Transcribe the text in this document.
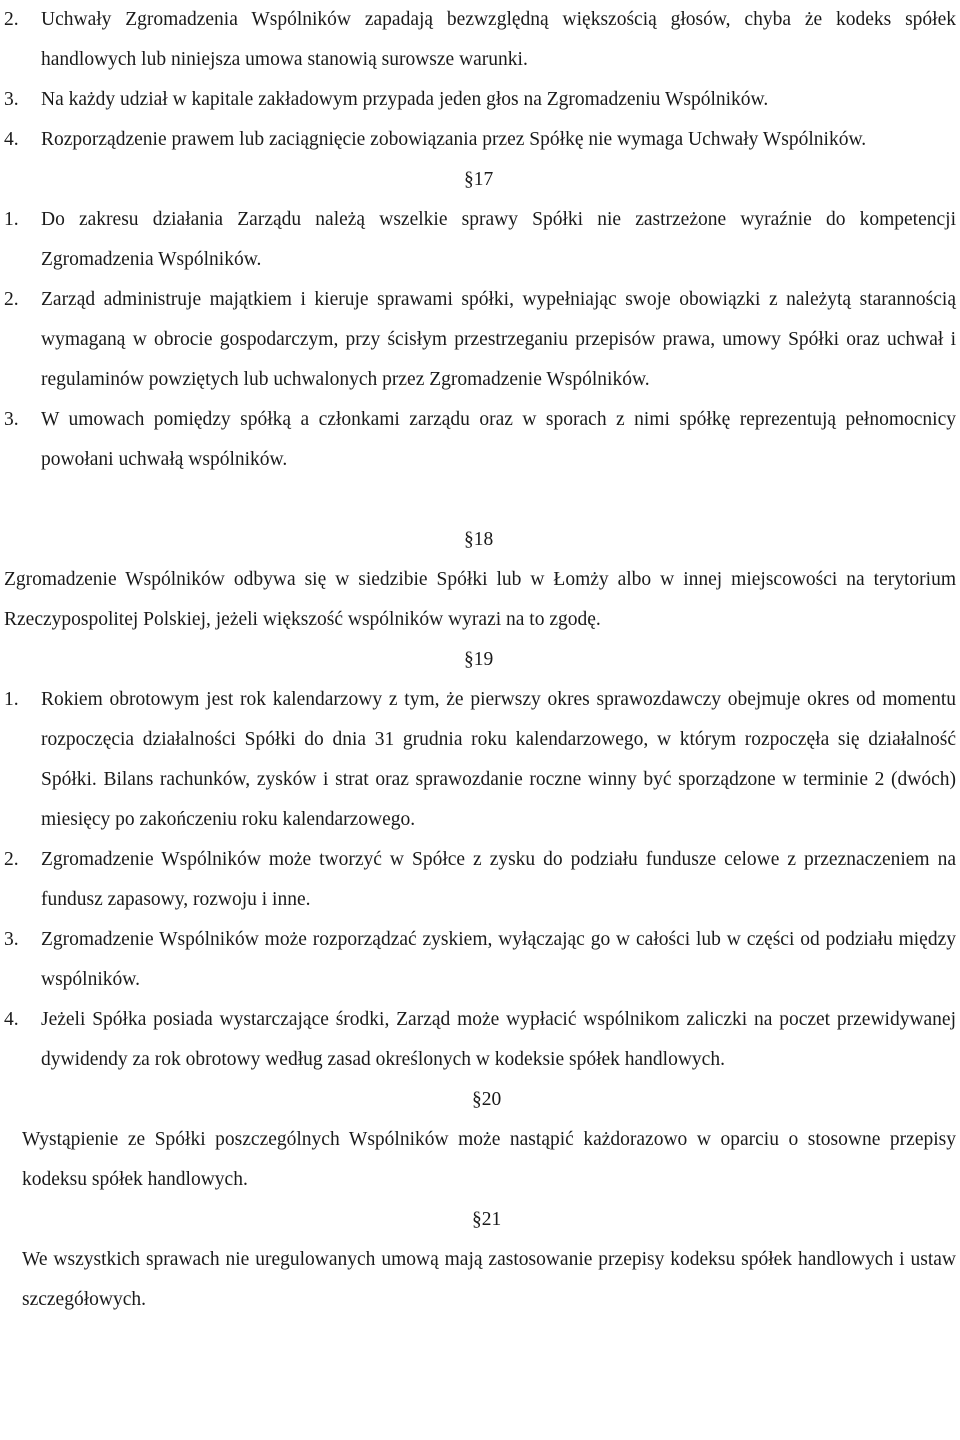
2. Uchwały Zgromadzenia Wspólników zapadają bezwzględną większością głosów, chyba że kodeks spółek handlowych lub niniejsza umowa stanowią surowsze warunki.

3. Na każdy udział w kapitale zakładowym przypada jeden głos na Zgromadzeniu Wspólników.

4. Rozporządzenie prawem lub zaciągnięcie zobowiązania przez Spółkę nie wymaga Uchwały Wspólników.

§17

1. Do zakresu działania Zarządu należą wszelkie sprawy Spółki nie zastrzeżone wyraźnie do kompetencji Zgromadzenia Wspólników.

2. Zarząd administruje majątkiem i kieruje sprawami spółki, wypełniając swoje obowiązki z należytą starannością wymaganą w obrocie gospodarczym, przy ścisłym przestrzeganiu przepisów prawa, umowy Spółki oraz uchwał i regulaminów powziętych lub uchwalonych przez Zgromadzenie Wspólników.

3. W umowach pomiędzy spółką a członkami zarządu oraz w sporach z nimi spółkę reprezentują pełnomocnicy powołani uchwałą wspólników.

§18

Zgromadzenie Wspólników odbywa się w siedzibie Spółki lub w Łomży albo w innej miejscowości na terytorium Rzeczypospolitej Polskiej, jeżeli większość wspólników wyrazi na to zgodę.

§19

1. Rokiem obrotowym jest rok kalendarzowy z tym, że pierwszy okres sprawozdawczy obejmuje okres od momentu rozpoczęcia działalności Spółki do dnia 31 grudnia roku kalendarzowego, w którym rozpoczęła się działalność Spółki. Bilans rachunków, zysków i strat oraz sprawozdanie roczne winny być sporządzone w terminie 2 (dwóch) miesięcy po zakończeniu roku kalendarzowego.

2. Zgromadzenie Wspólników może tworzyć w Spółce z zysku do podziału fundusze celowe z przeznaczeniem na fundusz zapasowy, rozwoju i inne.

3. Zgromadzenie Wspólników może rozporządzać zyskiem, wyłączając go w całości lub w części od podziału między wspólników.

4. Jeżeli Spółka posiada wystarczające środki, Zarząd może wypłacić wspólnikom zaliczki na poczet przewidywanej dywidendy za rok obrotowy według zasad określonych w kodeksie spółek handlowych.

§20

Wystąpienie ze Spółki poszczególnych Wspólników może nastąpić każdorazowo w oparciu o stosowne przepisy kodeksu spółek handlowych.

§21

We wszystkich sprawach nie uregulowanych umową mają zastosowanie przepisy kodeksu spółek handlowych i ustaw szczegółowych.
